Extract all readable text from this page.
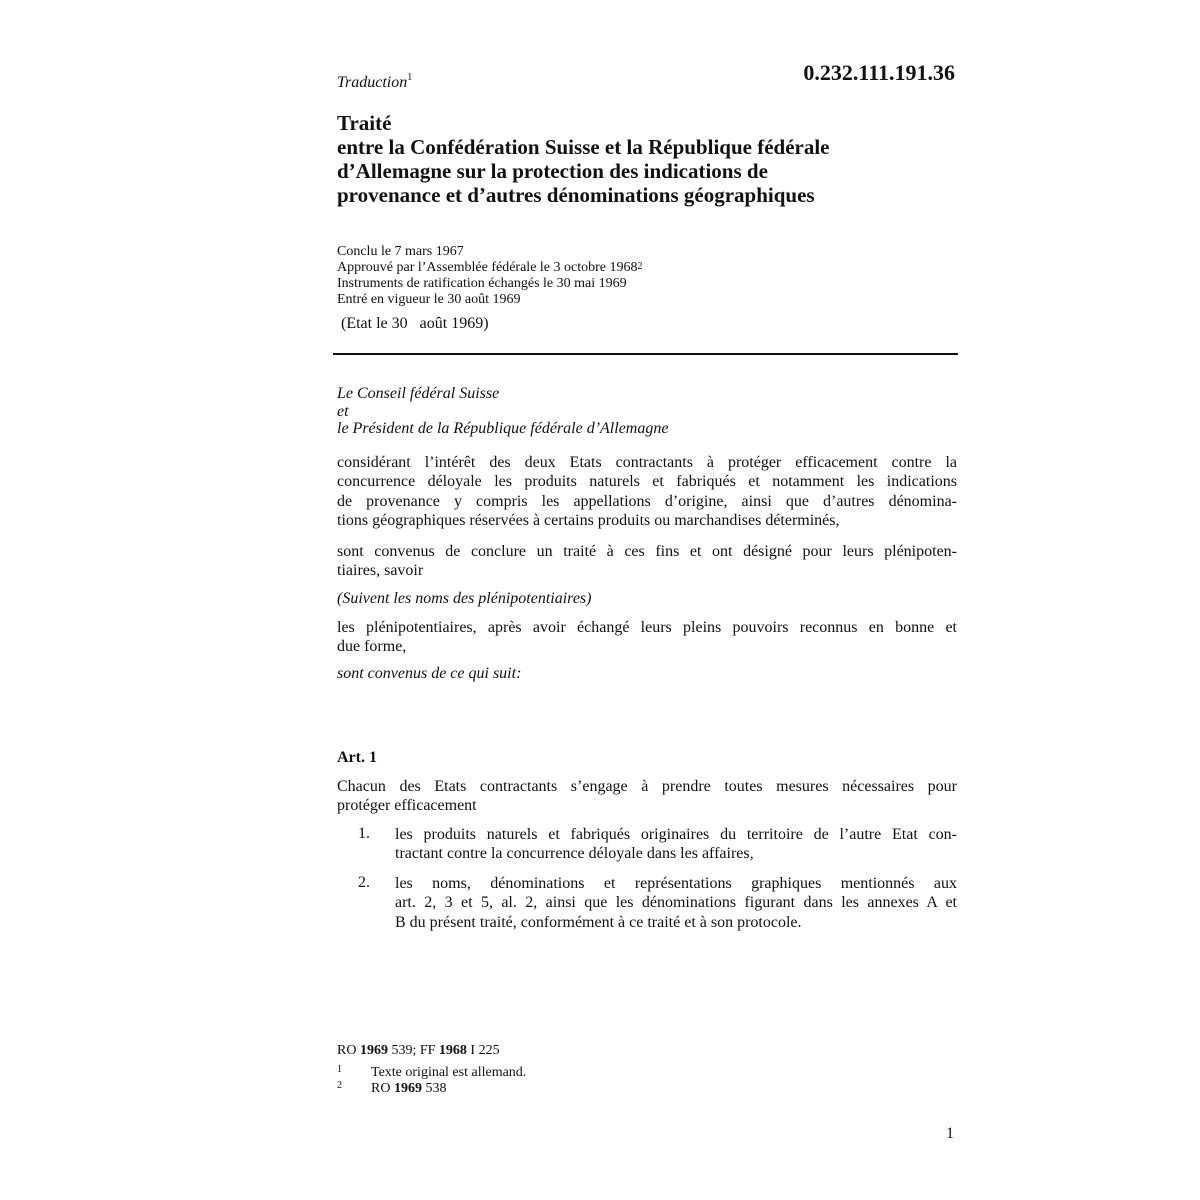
Traduction$^1$	0.232.111.191.36
Traité
entre la Confédération Suisse et la République fédérale
d’Allemagne sur la protection des indications de
provenance et d’autres dénominations géographiques
Conclu le 7 mars 1967
Approuvé par l’Assemblée fédérale le 3 octobre 1968$^2$
Instruments de ratification échangés le 30 mai 1969
Entré en vigueur le 30 août 1969
(Etat le 30   août 1969)
Le Conseil fédéral Suisse
et
le Président de la République fédérale d’Allemagne
considérant l’intérêt des deux Etats contractants à protéger efficacement contre la
concurrence déloyale les produits naturels et fabriqués et notamment les indications
de provenance y compris les appellations d’origine, ainsi que d’autres dénomina-
tions géographiques réservées à certains produits ou marchandises déterminés,
sont convenus de conclure un traité à ces fins et ont désigné pour leurs plénipoten-
tiaires, savoir
(Suivent les noms des plénipotentiaires)
les plénipotentiaires, après avoir échangé leurs pleins pouvoirs reconnus en bonne et
due forme,
sont convenus de ce qui suit:
Art. 1
Chacun des Etats contractants s’engage à prendre toutes mesures nécessaires pour
protéger efficacement
1. les produits naturels et fabriqués originaires du territoire de l’autre Etat con-
tractant contre la concurrence déloyale dans les affaires,
2. les noms, dénominations et représentations graphiques mentionnés aux
art. 2, 3 et 5, al. 2, ainsi que les dénominations figurant dans les annexes A et
B du présent traité, conformément à ce traité et à son protocole.
RO 1969 539; FF 1968 I 225
1 Texte original est allemand.
2 RO 1969 538
1
